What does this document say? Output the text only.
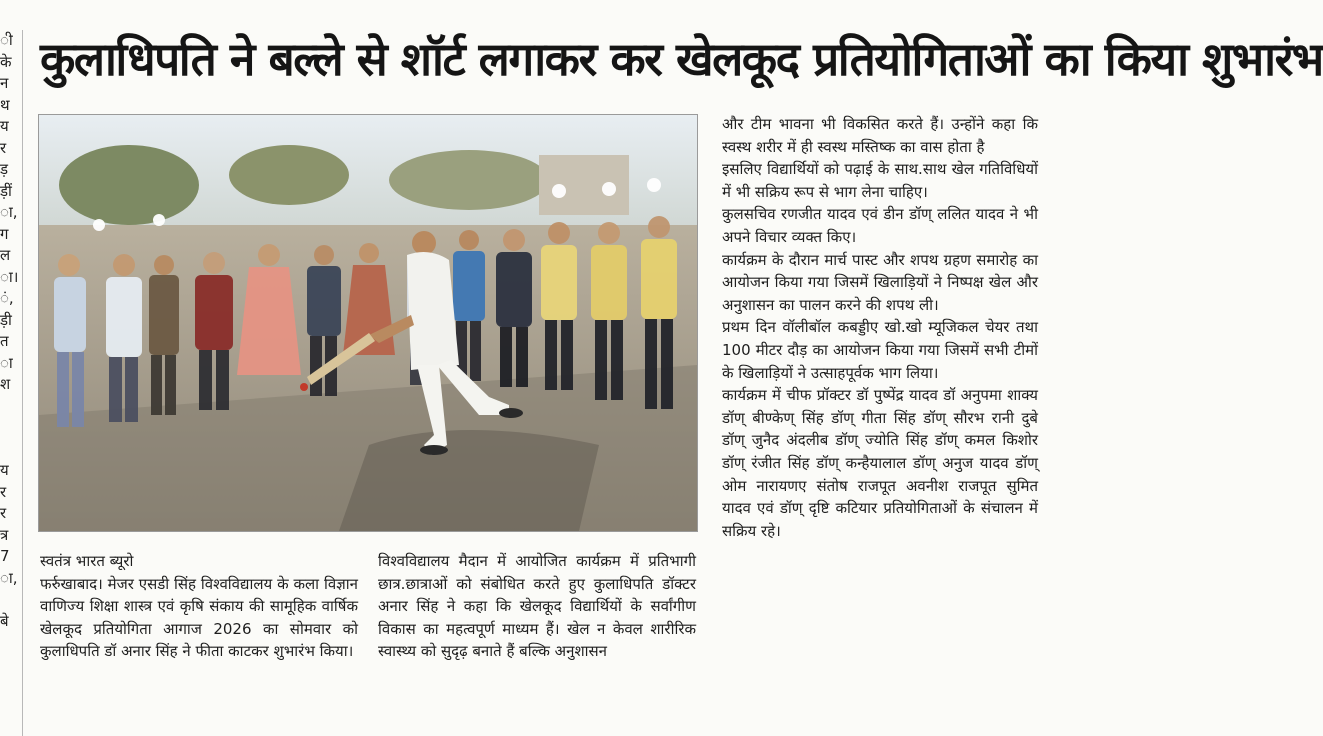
ी
के
न
थ
य
र
ड़
ड़ीं
ा,
ग
ल
ा।
ं,
ड़ी
त
ा
श

य
र
र
त्र
7
ा,

बे
कुलाधिपति ने बल्ले से शॉर्ट लगाकर कर खेलकूद प्रतियोगिताओं का किया शुभारंभ
स्वतंत्र भारत ब्यूरो

फर्रुखाबाद। मेजर एसडी सिंह विश्वविद्यालय के कला विज्ञान वाणिज्य शिक्षा शास्त्र एवं कृषि संकाय की सामूहिक वार्षिक खेलकूद प्रतियोगिता आगाज 2026 का सोमवार को कुलाधिपति डॉ अनार सिंह ने फीता काटकर शुभारंभ किया।

विश्वविद्यालय मैदान में आयोजित कार्यक्रम में प्रतिभागी छात्र.छात्राओं को संबोधित करते हुए कुलाधिपति डॉक्टर अनार सिंह ने कहा कि खेलकूद विद्यार्थियों के सर्वांगीण विकास का महत्वपूर्ण माध्यम हैं। खेल न केवल शारीरिक स्वास्थ्य को सुदृढ़ बनाते हैं बल्कि अनुशासन

और टीम भावना भी विकसित करते हैं। उन्होंने कहा कि स्वस्थ शरीर में ही स्वस्थ मस्तिष्क का वास होता है

इसलिए विद्यार्थियों को पढ़ाई के साथ.साथ खेल गतिविधियों में भी सक्रिय रूप से भाग लेना चाहिए।

कुलसचिव रणजीत यादव एवं डीन डॉण् ललित यादव ने भी अपने विचार व्यक्त किए।

कार्यक्रम के दौरान मार्च पास्ट और शपथ ग्रहण समारोह का आयोजन किया गया जिसमें खिलाड़ियों ने निष्पक्ष खेल और अनुशासन का पालन करने की शपथ ली।

प्रथम दिन वॉलीबॉल कबड्डीए खो.खो म्यूजिकल चेयर तथा 100 मीटर दौड़ का आयोजन किया गया जिसमें सभी टीमों के खिलाड़ियों ने उत्साहपूर्वक भाग लिया।

कार्यक्रम में चीफ प्रॉक्टर डॉ पुष्पेंद्र यादव डॉ अनुपमा शाक्य डॉण् बीण्केण् सिंह डॉण् गीता सिंह डॉण् सौरभ रानी दुबे डॉण् जुनैद अंदलीब डॉण् ज्योति सिंह डॉण् कमल किशोर डॉण् रंजीत सिंह डॉण् कन्हैयालाल डॉण् अनुज यादव डॉण् ओम नारायणए संतोष राजपूत अवनीश राजपूत सुमित यादव एवं डॉण् दृष्टि कटियार प्रतियोगिताओं के संचालन में सक्रिय रहे।
